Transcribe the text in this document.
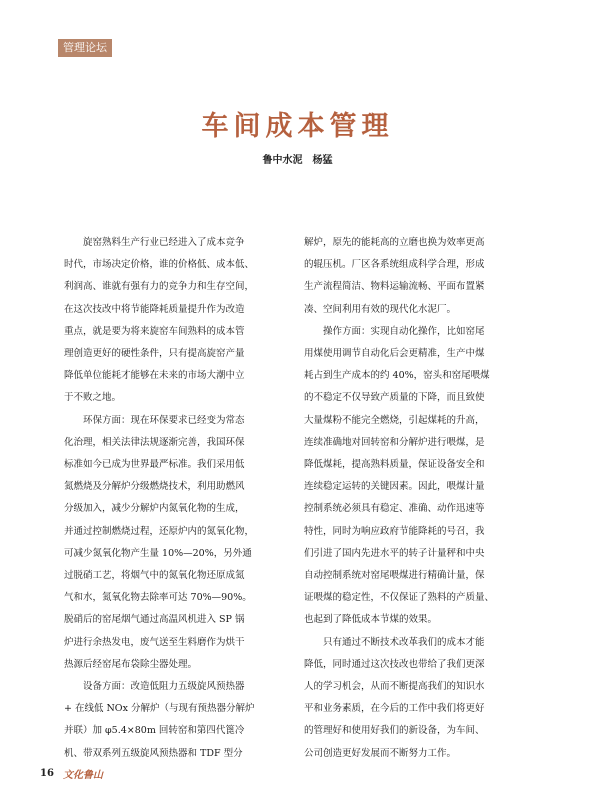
管理论坛
车间成本管理
鲁中水泥　杨猛

旋窑熟料生产行业已经进入了成本竞争

时代，市场决定价格，谁的价格低、成本低、

利润高、谁就有强有力的竞争力和生存空间，

在这次技改中将节能降耗质量提升作为改造

重点，就是要为将来旋窑车间熟料的成本管

理创造更好的硬性条件，只有提高旋窑产量

降低单位能耗才能够在未来的市场大潮中立

于不败之地。

环保方面：现在环保要求已经变为常态

化治理，相关法律法规逐渐完善，我国环保

标准如今已成为世界最严标准。我们采用低

氮燃烧及分解炉分级燃烧技术，利用助燃风

分级加入，减少分解炉内氮氧化物的生成，

并通过控制燃烧过程，还原炉内的氮氧化物，

可减少氮氧化物产生量 10%—20%，另外通

过脱硝工艺，将烟气中的氮氧化物还原成氮

气和水，氮氧化物去除率可达 70%—90%。

脱硝后的窑尾烟气通过高温风机进入 SP 锅

炉进行余热发电，废气送至生料磨作为烘干

热源后经窑尾布袋除尘器处理。

设备方面：改造低阻力五级旋风预热器

+ 在线低 NOx 分解炉（与现有预热器分解炉

并联）加 φ5.4×80m 回转窑和第四代篦冷

机、带双系列五级旋风预热器和 TDF 型分

解炉，原先的能耗高的立磨也换为效率更高

的辊压机。厂区各系统组成科学合理，形成

生产流程简洁、物料运输流畅、平面布置紧

凑、空间利用有效的现代化水泥厂。

操作方面：实现自动化操作，比如窑尾

用煤使用调节自动化后会更精准，生产中煤

耗占到生产成本的约 40%，窑头和窑尾喂煤

的不稳定不仅导致产质量的下降，而且致使

大量煤粉不能完全燃烧，引起煤耗的升高，

连续准确地对回转窑和分解炉进行喂煤，是

降低煤耗，提高熟料质量，保证设备安全和

连续稳定运转的关键因素。因此，喂煤计量

控制系统必须具有稳定、准确、动作迅速等

特性，同时为响应政府节能降耗的号召，我

们引进了国内先进水平的转子计量秤和中央

自动控制系统对窑尾喂煤进行精确计量，保

证喂煤的稳定性，不仅保证了熟料的产质量、

也起到了降低成本节煤的效果。

只有通过不断技术改革我们的成本才能

降低，同时通过这次技改也带给了我们更深

人的学习机会，从而不断提高我们的知识水

平和业务素质，在今后的工作中我们将更好

的管理好和使用好我们的新设备，为车间、

公司创造更好发展而不断努力工作。

16 文化鲁山
